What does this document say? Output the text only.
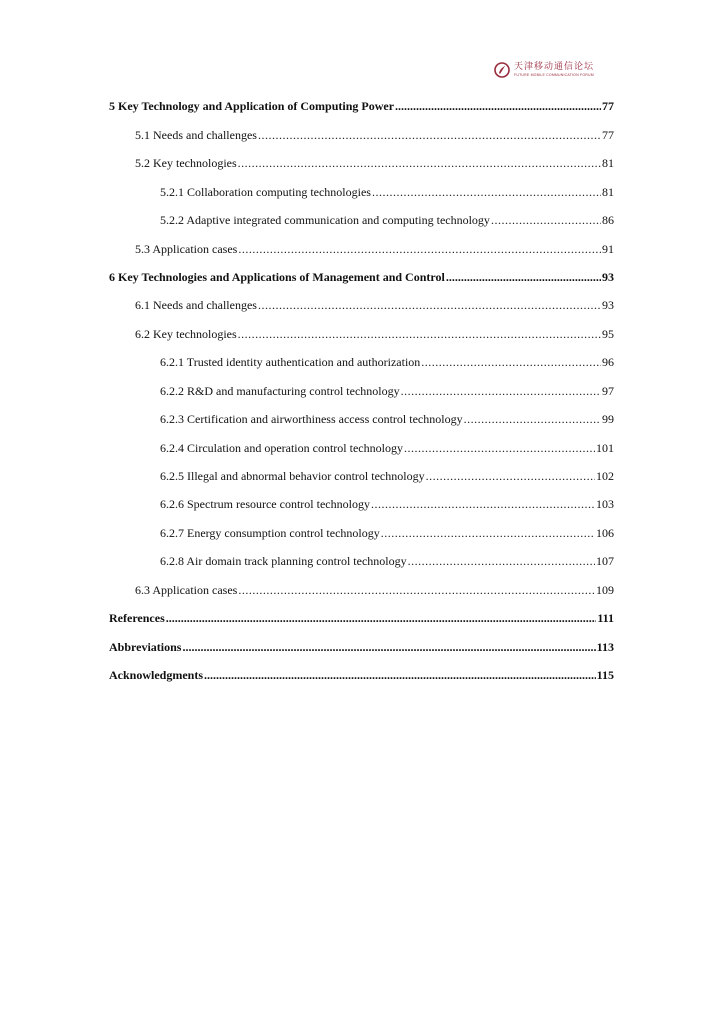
天津移动通信论坛
FUTURE MOBILE COMMUNICATION FORUM
5 Key Technology and Application of Computing Power .....	77
5.1 Needs and challenges .....	77
5.2 Key technologies .....	81
5.2.1 Collaboration computing technologies .....	81
5.2.2 Adaptive integrated communication and computing technology .....	86
5.3 Application cases .....	91
6 Key Technologies and Applications of Management and Control .....	93
6.1 Needs and challenges .....	93
6.2 Key technologies .....	95
6.2.1 Trusted identity authentication and authorization .....	96
6.2.2 R&D and manufacturing control technology .....	97
6.2.3 Certification and airworthiness access control technology .....	99
6.2.4 Circulation and operation control technology .....	101
6.2.5 Illegal and abnormal behavior control technology .....	102
6.2.6 Spectrum resource control technology .....	103
6.2.7 Energy consumption control technology .....	106
6.2.8 Air domain track planning control technology .....	107
6.3 Application cases .....	109
References .....	111
Abbreviations .....	113
Acknowledgments .....	115
